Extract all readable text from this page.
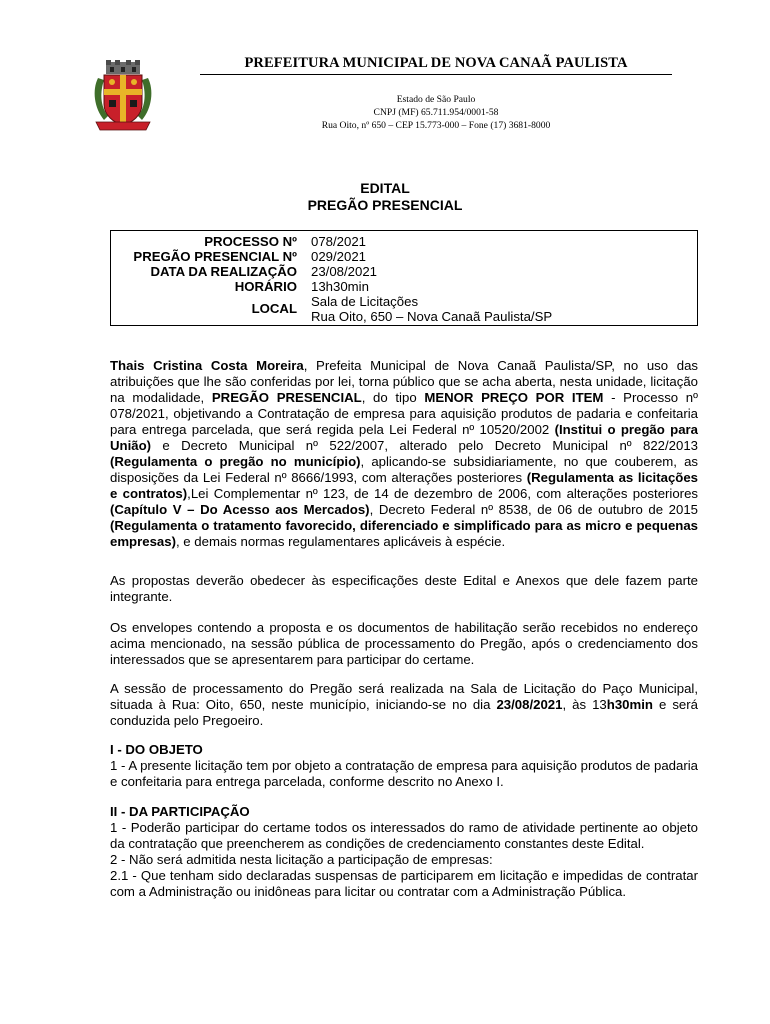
PREFEITURA MUNICIPAL DE NOVA CANAÃ PAULISTA
Estado de São Paulo
CNPJ (MF) 65.711.954/0001-58
Rua Oito, nº 650 – CEP 15.773-000 – Fone (17) 3681-8000
EDITAL
PREGÃO PRESENCIAL
PROCESSO Nº 078/2021
PREGÃO PRESENCIAL Nº 029/2021
DATA DA REALIZAÇÃO 23/08/2021
HORÁRIO 13h30min
LOCAL Sala de Licitações
Rua Oito, 650 – Nova Canaã Paulista/SP

Thais Cristina Costa Moreira, Prefeita Municipal de Nova Canaã Paulista/SP, no uso das atribuições que lhe são conferidas por lei, torna público que se acha aberta, nesta unidade, licitação na modalidade, PREGÃO PRESENCIAL, do tipo MENOR PREÇO POR ITEM - Processo nº 078/2021, objetivando a Contratação de empresa para aquisição produtos de padaria e confeitaria para entrega parcelada, que será regida pela Lei Federal nº 10520/2002 (Institui o pregão para União) e Decreto Municipal nº 522/2007, alterado pelo Decreto Municipal nº 822/2013 (Regulamenta o pregão no município), aplicando-se subsidiariamente, no que couberem, as disposições da Lei Federal nº 8666/1993, com alterações posteriores (Regulamenta as licitações e contratos),Lei Complementar nº 123, de 14 de dezembro de 2006, com alterações posteriores (Capítulo V – Do Acesso aos Mercados), Decreto Federal nº 8538, de 06 de outubro de 2015 (Regulamenta o tratamento favorecido, diferenciado e simplificado para as micro e pequenas empresas), e demais normas regulamentares aplicáveis à espécie.

As propostas deverão obedecer às especificações deste Edital e Anexos que dele fazem parte integrante.

Os envelopes contendo a proposta e os documentos de habilitação serão recebidos no endereço acima mencionado, na sessão pública de processamento do Pregão, após o credenciamento dos interessados que se apresentarem para participar do certame.

A sessão de processamento do Pregão será realizada na Sala de Licitação do Paço Municipal, situada à Rua: Oito, 650, neste município, iniciando-se no dia 23/08/2021, às 13h30min e será conduzida pelo Pregoeiro.

I - DO OBJETO

1 - A presente licitação tem por objeto a contratação de empresa para aquisição produtos de padaria e confeitaria para entrega parcelada, conforme descrito no Anexo I.

II - DA PARTICIPAÇÃO

1 - Poderão participar do certame todos os interessados do ramo de atividade pertinente ao objeto da contratação que preencherem as condições de credenciamento constantes deste Edital.

2 - Não será admitida nesta licitação a participação de empresas:

2.1 - Que tenham sido declaradas suspensas de participarem em licitação e impedidas de contratar com a Administração ou inidôneas para licitar ou contratar com a Administração Pública.
